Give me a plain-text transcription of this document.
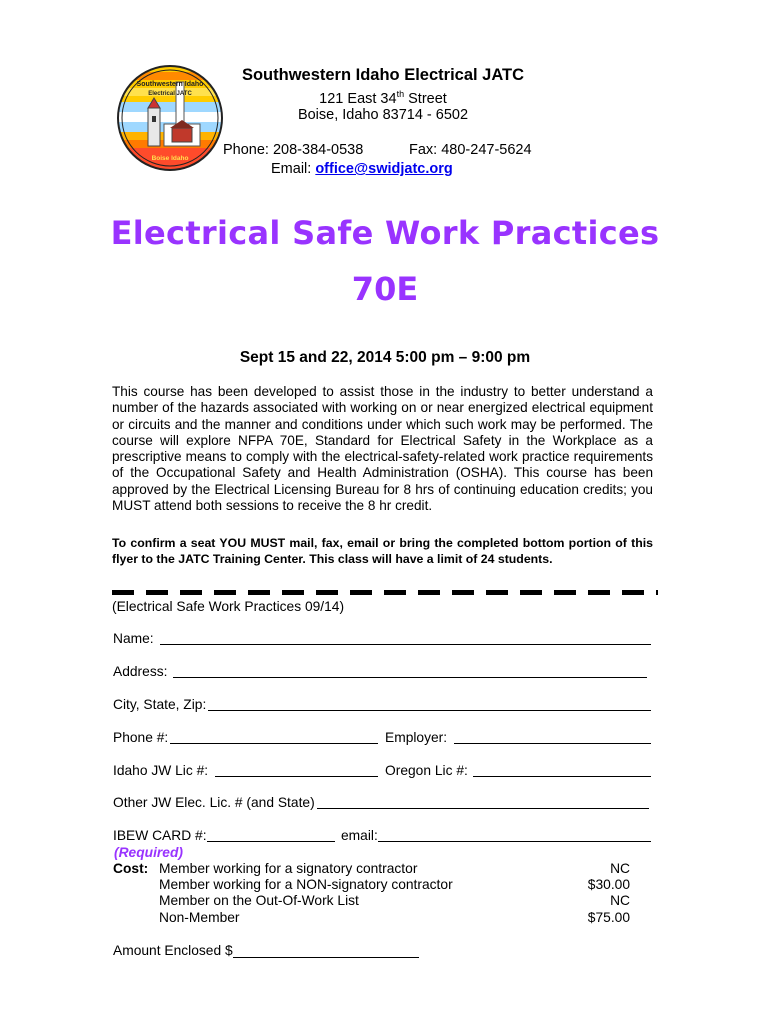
Southwestern Idaho
Electrical JATC
Boise Idaho
Southwestern Idaho Electrical JATC
121 East 34th Street
Boise, Idaho 83714 - 6502
Phone: 208-384-0538	Fax: 480-247-5624
Email: office@swidjatc.org
Electrical Safe Work Practices
70E
Sept 15 and 22, 2014 5:00 pm – 9:00 pm
This course has been developed to assist those in the industry to better understand a number of the hazards associated with working on or near energized electrical equipment or circuits and the manner and conditions under which such work may be performed. The course will explore NFPA 70E, Standard for Electrical Safety in the Workplace as a prescriptive means to comply with the electrical-safety-related work practice requirements of the Occupational Safety and Health Administration (OSHA). This course has been approved by the Electrical Licensing Bureau for 8 hrs of continuing education credits; you MUST attend both sessions to receive the 8 hr credit.
To confirm a seat YOU MUST mail, fax, email or bring the completed bottom portion of this flyer to the JATC Training Center. This class will have a limit of 24 students.
(Electrical Safe Work Practices 09/14)
Name:
Address:
City, State, Zip:
Phone #:	Employer:
Idaho JW Lic #:	Oregon Lic #:
Other JW Elec. Lic. # (and State)
IBEW CARD #:	email:
(Required)
Cost: Member working for a signatory contractor	NC
Member working for a NON-signatory contractor	$30.00
Member on the Out-Of-Work List	NC
Non-Member	$75.00
Amount Enclosed $
